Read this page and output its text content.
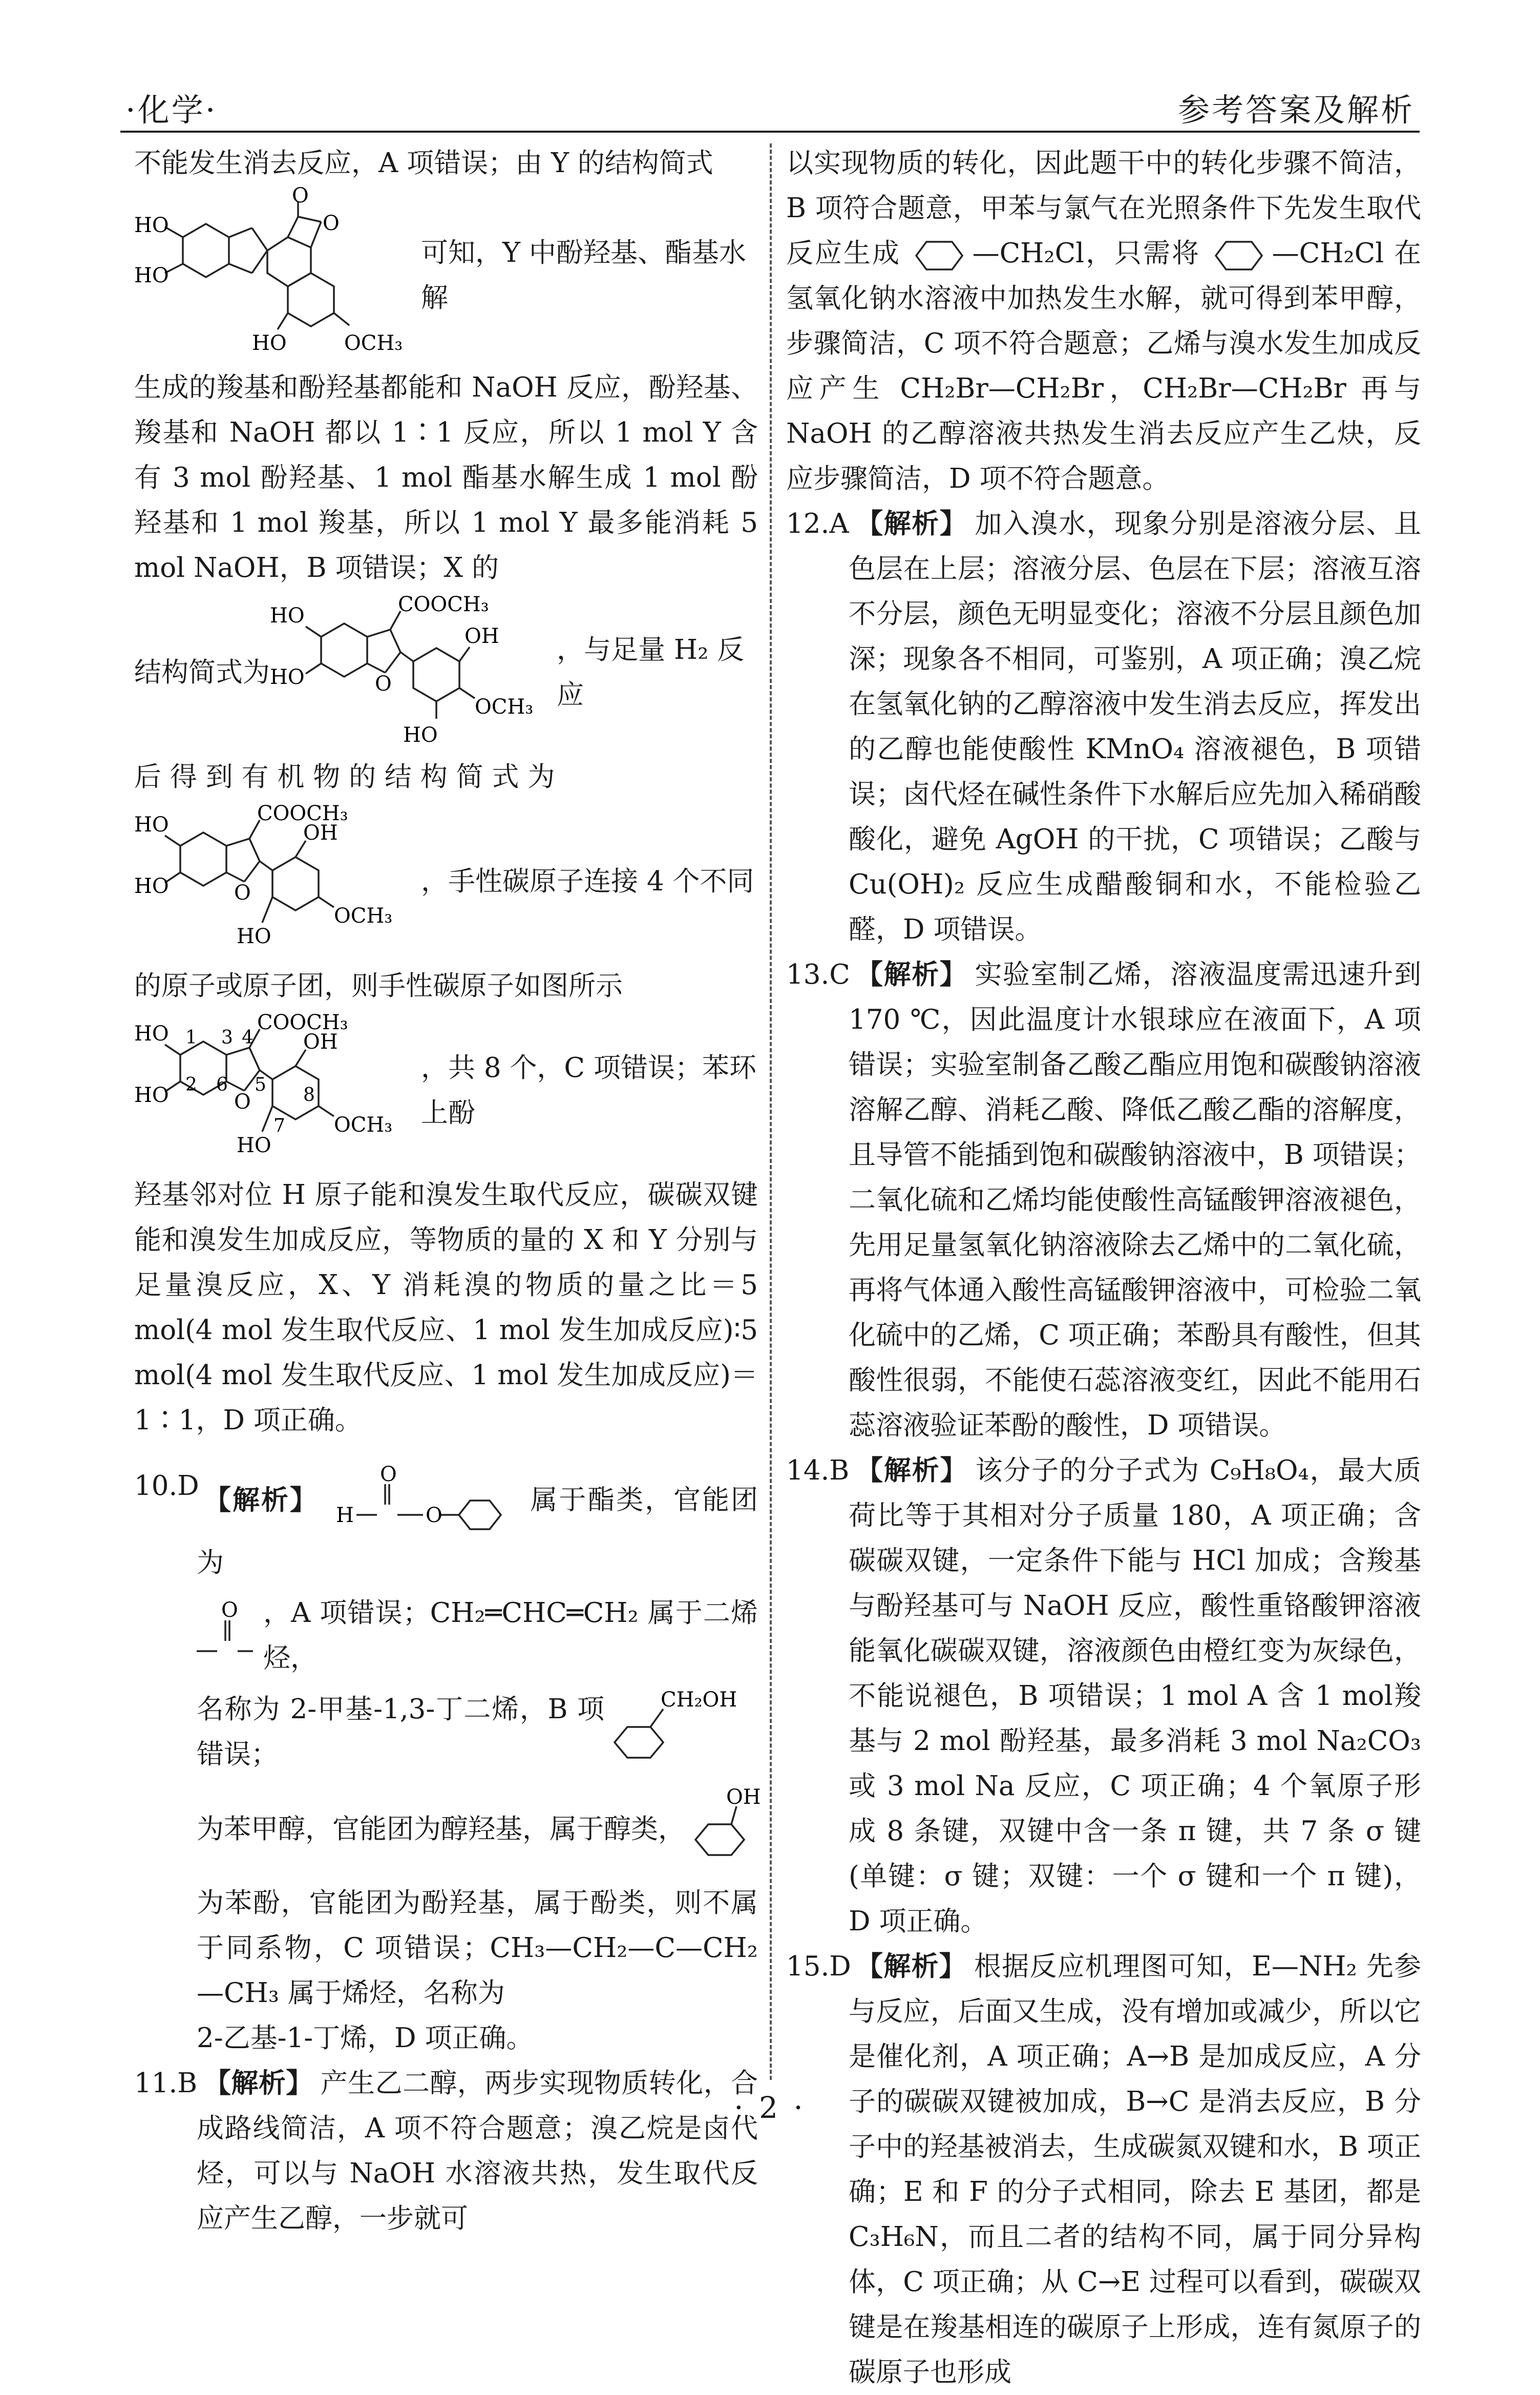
·化学·	参考答案及解析

不能发生消去反应，A 项错误；由 Y 的结构简式

HO
HO
O
O
HO	OCH₃
可知，Y 中酚羟基、酯基水解

生成的羧基和酚羟基都能和 NaOH 反应，酚羟基、羧基和 NaOH 都以 1∶1 反应，所以 1 mol Y 含有 3 mol 酚羟基、1 mol 酯基水解生成 1 mol 酚羟基和 1 mol 羧基，所以 1 mol Y 最多能消耗 5 mol NaOH，B 项错误；X 的

结构简式为
HO
HO
COOCH₃
OH
O
HO
OCH₃
，与足量 H₂ 反应

后 得 到 有 机 物 的 结 构 简 式 为

HO
HO
COOCH₃
OH
O
HO
OCH₃
，手性碳原子连接 4 个不同

的原子或原子团，则手性碳原子如图所示

HO
HO
COOCH₃
OH
O
HO
OCH₃
1
2
3 4
5
6
7
8
，共 8 个，C 项错误；苯环上酚

羟基邻对位 H 原子能和溴发生取代反应，碳碳双键能和溴发生加成反应，等物质的量的 X 和 Y 分别与足量溴反应，X、Y 消耗溴的物质的量之比＝5 mol(4 mol 发生取代反应、1 mol 发生加成反应)∶5 mol(4 mol 发生取代反应、1 mol 发生加成反应)＝1∶1，D 项正确。

10.D 【解析】 H
O
O	属于酯类，官能团为
O ，A 项错误；CH₂═CHC═CH₂ 属于二烯烃，
名称为 2-甲基-1,3-丁二烯，B 项错误；
CH₂OH
为苯甲醇，官能团为醇羟基，属于醇类，
OH

为苯酚，官能团为酚羟基，属于酚类，则不属于同系物，C 项错误；CH₃—CH₂—C—CH₂—CH₃ 属于烯烃，名称为

2-乙基-1-丁烯，D 项正确。

11.B 【解析】 产生乙二醇，两步实现物质转化，合成路线简洁，A 项不符合题意；溴乙烷是卤代烃，可以与 NaOH 水溶液共热，发生取代反应产生乙醇，一步就可

以实现物质的转化，因此题干中的转化步骤不简洁，B 项符合题意，甲苯与氯气在光照条件下先发生取代反应生成	—CH₂Cl，只需将	—CH₂Cl 在氢氧化钠水溶液中加热发生水解，就可得到苯甲醇，步骤简洁，C 项不符合题意；乙烯与溴水发生加成反应产生 CH₂Br—CH₂Br，CH₂Br—CH₂Br 再与 NaOH 的乙醇溶液共热发生消去反应产生乙炔，反应步骤简洁，D 项不符合题意。

12.A 【解析】 加入溴水，现象分别是溶液分层、且色层在上层；溶液分层、色层在下层；溶液互溶不分层，颜色无明显变化；溶液不分层且颜色加深；现象各不相同，可鉴别，A 项正确；溴乙烷在氢氧化钠的乙醇溶液中发生消去反应，挥发出的乙醇也能使酸性 KMnO₄ 溶液褪色，B 项错误；卤代烃在碱性条件下水解后应先加入稀硝酸酸化，避免 AgOH 的干扰，C 项错误；乙酸与 Cu(OH)₂ 反应生成醋酸铜和水，不能检验乙醛，D 项错误。
13.C 【解析】 实验室制乙烯，溶液温度需迅速升到 170 ℃，因此温度计水银球应在液面下，A 项错误；实验室制备乙酸乙酯应用饱和碳酸钠溶液溶解乙醇、消耗乙酸、降低乙酸乙酯的溶解度，且导管不能插到饱和碳酸钠溶液中，B 项错误；二氧化硫和乙烯均能使酸性高锰酸钾溶液褪色，先用足量氢氧化钠溶液除去乙烯中的二氧化硫，再将气体通入酸性高锰酸钾溶液中，可检验二氧化硫中的乙烯，C 项正确；苯酚具有酸性，但其酸性很弱，不能使石蕊溶液变红，因此不能用石蕊溶液验证苯酚的酸性，D 项错误。
14.B 【解析】 该分子的分子式为 C₉H₈O₄，最大质荷比等于其相对分子质量 180，A 项正确；含碳碳双键，一定条件下能与 HCl 加成；含羧基与酚羟基可与 NaOH 反应，酸性重铬酸钾溶液能氧化碳碳双键，溶液颜色由橙红变为灰绿色，不能说褪色，B 项错误；1 mol A 含 1 mol羧基与 2 mol 酚羟基，最多消耗 3 mol Na₂CO₃ 或 3 mol Na 反应，C 项正确；4 个氧原子形成 8 条键，双键中含一条 π 键，共 7 条 σ 键(单键：σ 键；双键：一个 σ 键和一个 π 键)，D 项正确。
15.D 【解析】 根据反应机理图可知，E—NH₂ 先参与反应，后面又生成，没有增加或减少，所以它是催化剂，A 项正确；A→B 是加成反应，A 分子的碳碳双键被加成，B→C 是消去反应，B 分子中的羟基被消去，生成碳氮双键和水，B 项正确；E 和 F 的分子式相同，除去 E 基团，都是 C₃H₆N，而且二者的结构不同，属于同分异构体，C 项正确；从 C→E 过程可以看到，碳碳双键是在羧基相连的碳原子上形成，连有氮原子的碳原子也形成
· 2 ·
